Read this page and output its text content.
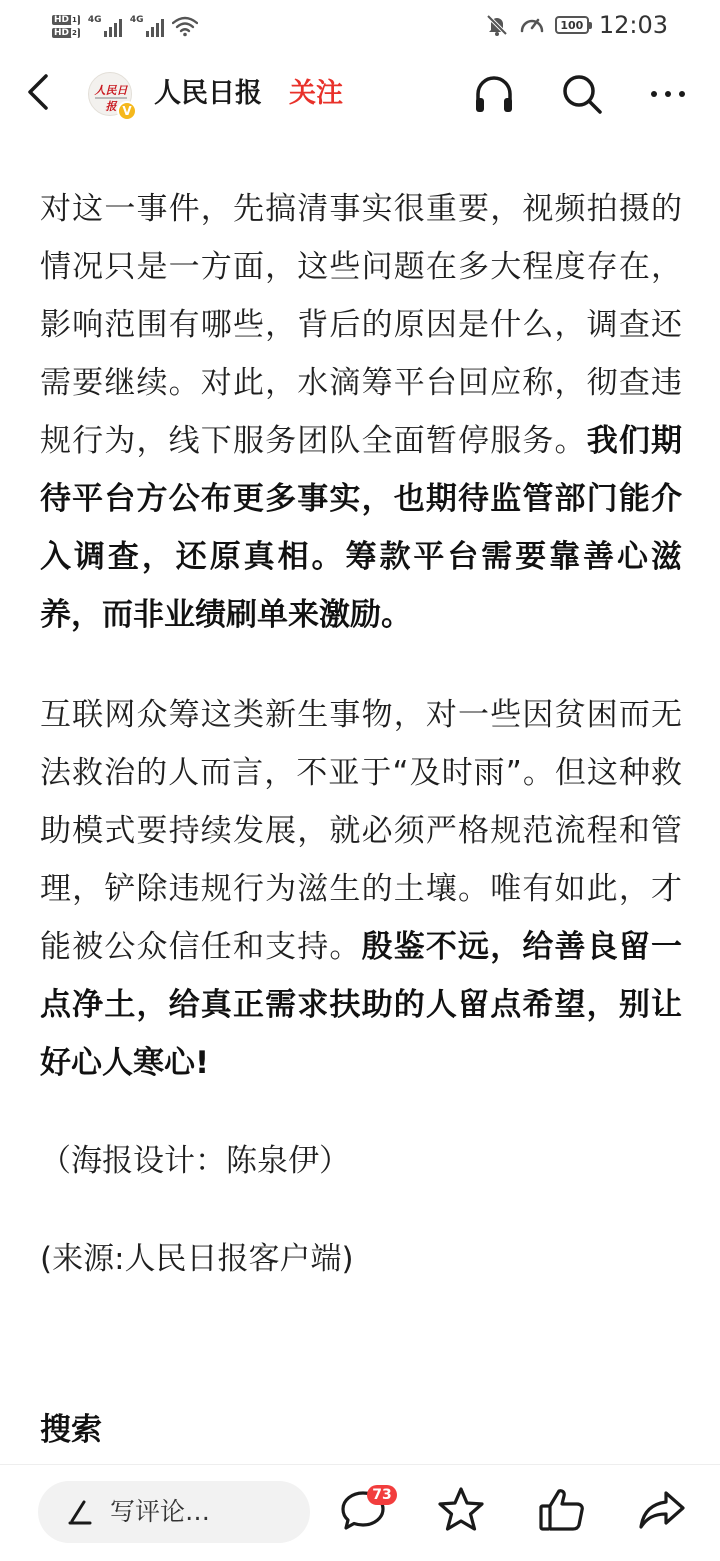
HD 1
HD 2
4G	4G	100 12:03
人民日报 V
人民日报 关注

对这一事件，先搞清事实很重要，视频拍摄的情况只是一方面，这些问题在多大程度存在，影响范围有哪些，背后的原因是什么，调查还需要继续。对此，水滴筹平台回应称，彻查违规行为，线下服务团队全面暂停服务。我们期待平台方公布更多事实，也期待监管部门能介入调查，还原真相。筹款平台需要靠善心滋养，而非业绩刷单来激励。

互联网众筹这类新生事物，对一些因贫困而无法救治的人而言，不亚于“及时雨”。但这种救助模式要持续发展，就必须严格规范流程和管理，铲除违规行为滋生的土壤。唯有如此，才能被公众信任和支持。殷鉴不远，给善良留一点净土，给真正需求扶助的人留点希望，别让好心人寒心!

（海报设计：陈泉伊）

(来源:人民日报客户端)

搜索
写评论…
73
